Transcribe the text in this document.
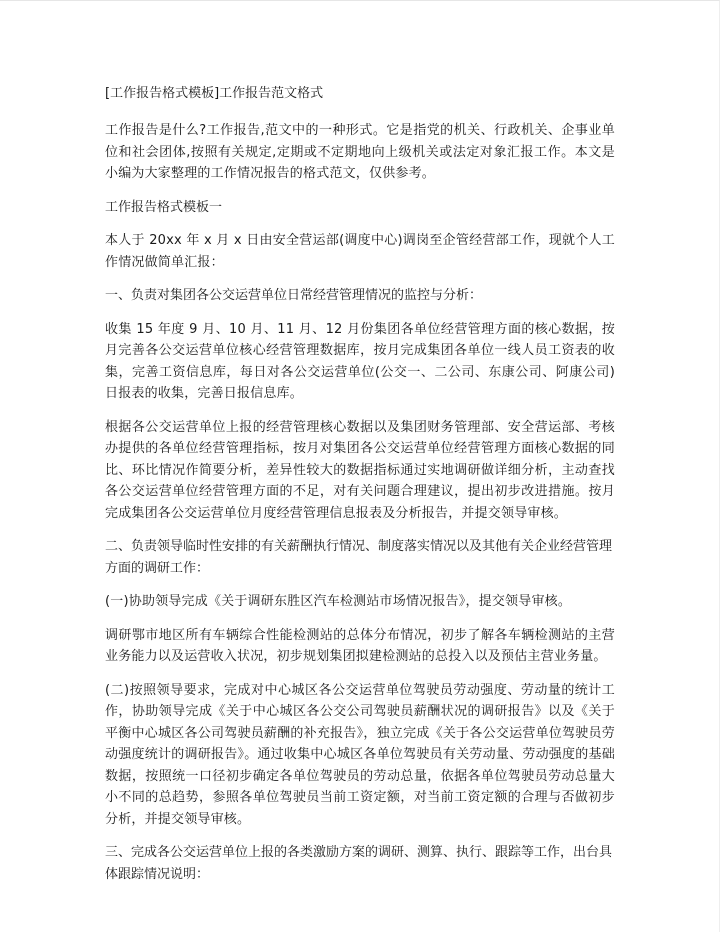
[工作报告格式模板]工作报告范文格式

工作报告是什么?工作报告,范文中的一种形式。它是指党的机关、行政机关、企事业单位和社会团体,按照有关规定,定期或不定期地向上级机关或法定对象汇报工作。本文是小编为大家整理的工作情况报告的格式范文，仅供参考。

工作报告格式模板一

本人于 20xx 年 x 月 x 日由安全营运部(调度中心)调岗至企管经营部工作，现就个人工作情况做简单汇报：

一、负责对集团各公交运营单位日常经营管理情况的监控与分析：

收集 15 年度 9 月、10 月、11 月、12 月份集团各单位经营管理方面的核心数据，按月完善各公交运营单位核心经营管理数据库，按月完成集团各单位一线人员工资表的收集，完善工资信息库，每日对各公交运营单位(公交一、二公司、东康公司、阿康公司)日报表的收集，完善日报信息库。

根据各公交运营单位上报的经营管理核心数据以及集团财务管理部、安全营运部、考核办提供的各单位经营管理指标，按月对集团各公交运营单位经营管理方面核心数据的同比、环比情况作简要分析，差异性较大的数据指标通过实地调研做详细分析，主动查找各公交运营单位经营管理方面的不足，对有关问题合理建议，提出初步改进措施。按月完成集团各公交运营单位月度经营管理信息报表及分析报告，并提交领导审核。

二、负责领导临时性安排的有关薪酬执行情况、制度落实情况以及其他有关企业经营管理方面的调研工作：

(一)协助领导完成《关于调研东胜区汽车检测站市场情况报告》，提交领导审核。

调研鄂市地区所有车辆综合性能检测站的总体分布情况，初步了解各车辆检测站的主营业务能力以及运营收入状况，初步规划集团拟建检测站的总投入以及预估主营业务量。

(二)按照领导要求，完成对中心城区各公交运营单位驾驶员劳动强度、劳动量的统计工作，协助领导完成《关于中心城区各公交公司驾驶员薪酬状况的调研报告》以及《关于平衡中心城区各公司驾驶员薪酬的补充报告》，独立完成《关于各公交运营单位驾驶员劳动强度统计的调研报告》。通过收集中心城区各单位驾驶员有关劳动量、劳动强度的基础数据，按照统一口径初步确定各单位驾驶员的劳动总量，依据各单位驾驶员劳动总量大小不同的总趋势，参照各单位驾驶员当前工资定额，对当前工资定额的合理与否做初步分析，并提交领导审核。

三、完成各公交运营单位上报的各类激励方案的调研、测算、执行、跟踪等工作，出台具体跟踪情况说明：
